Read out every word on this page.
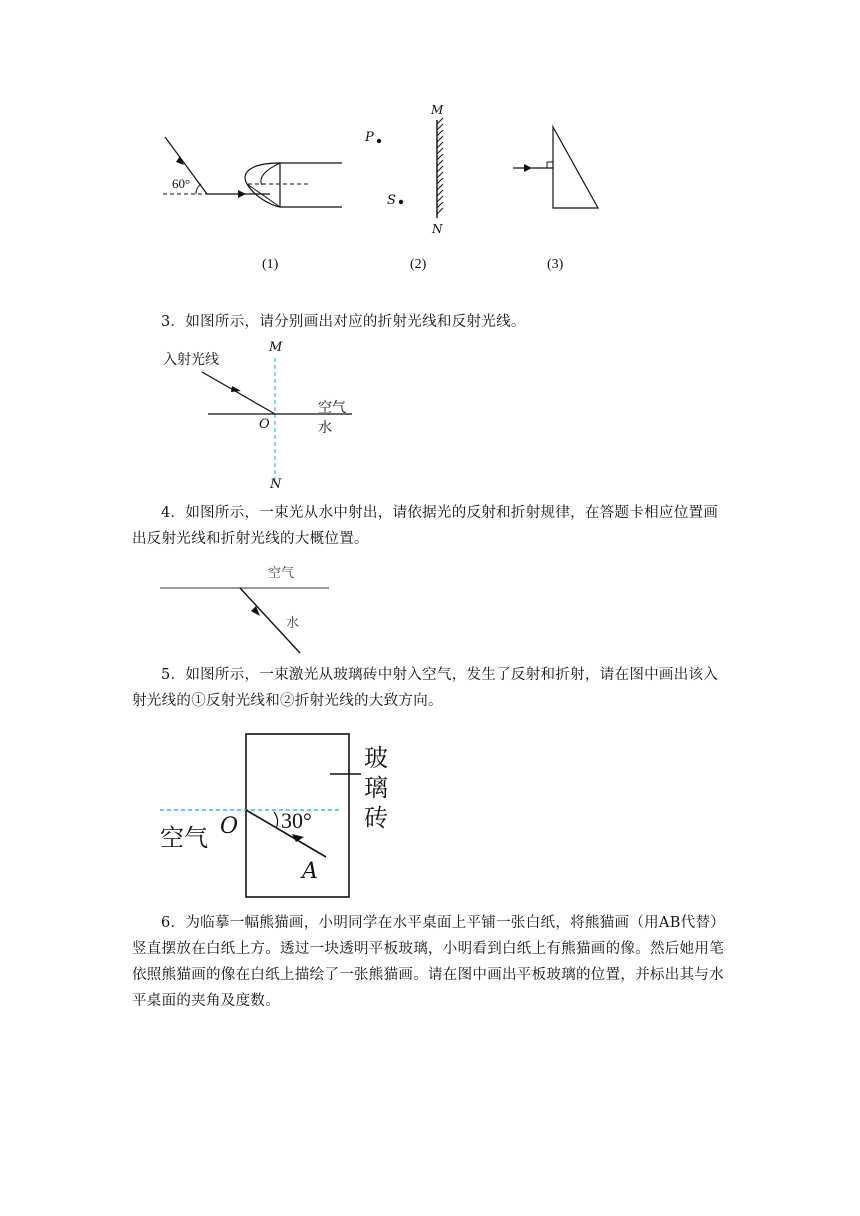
60°
(1)
P
S
M
N
(2)	(3)

3．如图所示，请分别画出对应的折射光线和反射光线。

入射光线
M
O
空气
水
N

4．如图所示，一束光从水中射出，请依据光的反射和折射规律，在答题卡相应位置画出反射光线和折射光线的大概位置。

空气
水

5．如图所示，一束激光从玻璃砖中射入空气，发生了反射和折射，请在图中画出该入射光线的①反射光线和②折射光线的大致方向。

玻
璃
砖
空气 O 30°
A

6．为临摹一幅熊猫画，小明同学在水平桌面上平铺一张白纸，将熊猫画（用AB代替）竖直摆放在白纸上方。透过一块透明平板玻璃，小明看到白纸上有熊猫画的像。然后她用笔依照熊猫画的像在白纸上描绘了一张熊猫画。请在图中画出平板玻璃的位置，并标出其与水平桌面的夹角及度数。
